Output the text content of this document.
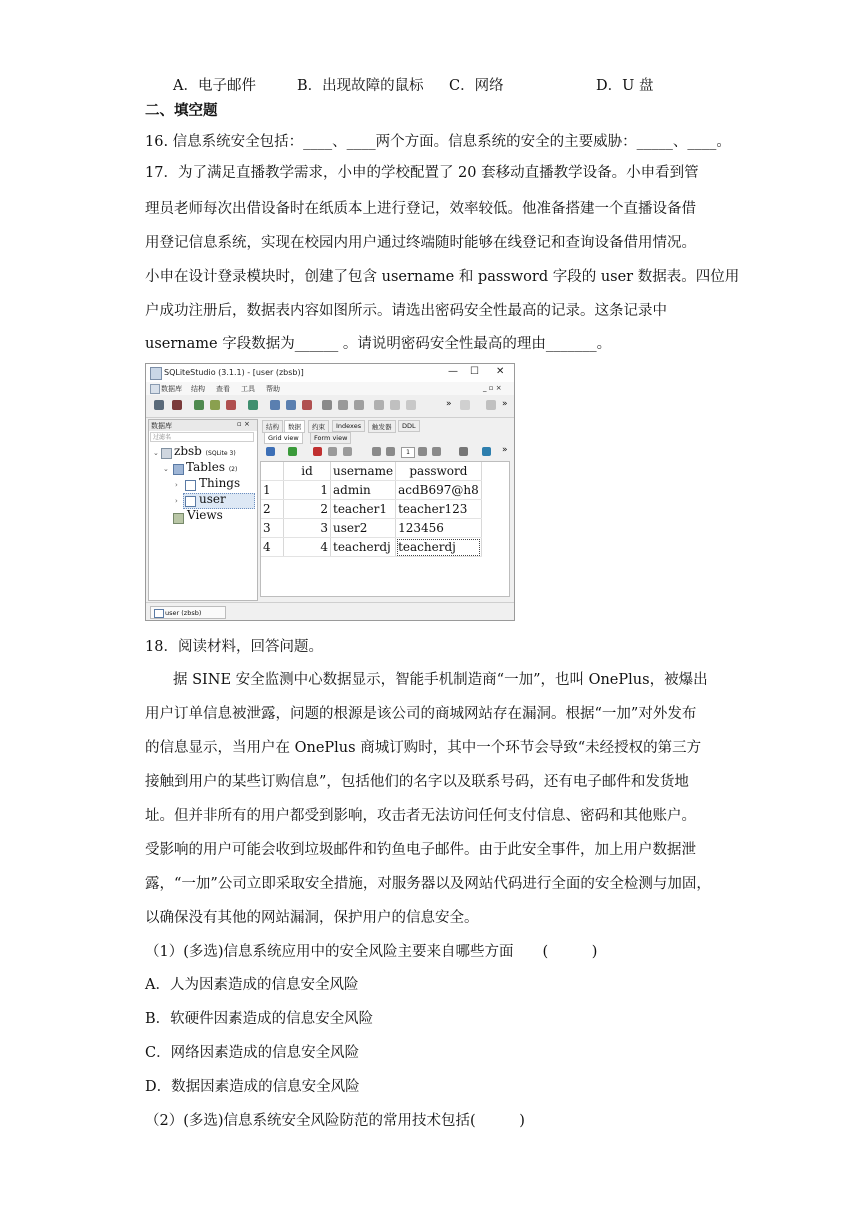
A．电子邮件	B．出现故障的鼠标 C．网络	D．U 盘
二、填空题
16. 信息系统安全包括：____、____两个方面。信息系统的安全的主要威胁：_____、____。
17．为了满足直播教学需求，小申的学校配置了 20 套移动直播教学设备。小申看到管
理员老师每次出借设备时在纸质本上进行登记，效率较低。他准备搭建一个直播设备借
用登记信息系统，实现在校园内用户通过终端随时能够在线登记和查询设备借用情况。
小申在设计登录模块时，创建了包含 username 和 password 字段的 user 数据表。四位用
户成功注册后，数据表内容如图所示。请选出密码安全性最高的记录。这条记录中
username 字段数据为______ 。请说明密码安全性最高的理由_______。
SQLiteStudio (3.1.1) - [user (zbsb)]	— ☐ ✕
数据库 结构 查看 工具 帮助	_ ▫ ×
»	»
数据库	▫ ×
过滤名
⌄ zbsb (SQLite 3)
⌄ Tables (2)
› Things
› user
Views
结构	数据	约束	Indexes	触发器	DDL
Grid view	Form view
1	»
	id	username	password
1	1	admin	acdB697@h8
2	2	teacher1	teacher123
3	3	user2	123456
4	4	teacherdj	teacherdj
user (zbsb)
18．阅读材料，回答问题。
据 SINE 安全监测中心数据显示，智能手机制造商“一加”，也叫 OnePlus，被爆出
用户订单信息被泄露，问题的根源是该公司的商城网站存在漏洞。根据“一加”对外发布
的信息显示，当用户在 OnePlus 商城订购时，其中一个环节会导致“未经授权的第三方
接触到用户的某些订购信息”，包括他们的名字以及联系号码，还有电子邮件和发货地
址。但并非所有的用户都受到影响，攻击者无法访问任何支付信息、密码和其他账户。
受影响的用户可能会收到垃圾邮件和钓鱼电子邮件。由于此安全事件，加上用户数据泄
露，“一加”公司立即采取安全措施，对服务器以及网站代码进行全面的安全检测与加固，
以确保没有其他的网站漏洞，保护用户的信息安全。
（1）(多选)信息系统应用中的安全风险主要来自哪些方面　　(　　　)
A．人为因素造成的信息安全风险
B．软硬件因素造成的信息安全风险
C．网络因素造成的信息安全风险
D．数据因素造成的信息安全风险
（2）(多选)信息系统安全风险防范的常用技术包括(　　　)
